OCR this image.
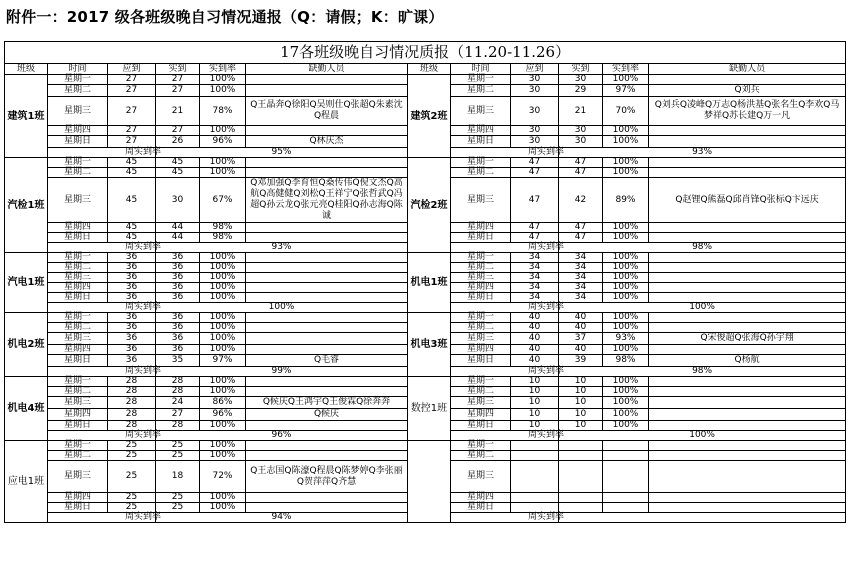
附件一：2017 级各班级晚自习情况通报（Q：请假；K：旷课）
17各班级晚自习情况质报（11.20-11.26）											
班级	时间	应到	实到	实到率	缺勤人员	班级	时间	应到	实到	实到率	缺勤人员
建筑1班	星期一	27	27	100%		建筑2班	星期一	30	30	100%	
	星期二	27	27	100%			星期二	30	29	97%	Q刘兵
	星期三	27	21	78%	Q王晶奔Q徐阳Q吴则仕Q张超Q朱素沈Q程晨		星期三	30	21	70%	Q刘兵Q凌峰Q万志Q杨洪基Q张名生Q李欢Q马梦祥Q苏长建Q万一凡
	星期四	27	27	100%			星期四	30	30	100%	
	星期日	27	26	96%	Q林庆杰		星期日	30	30	100%	
	周实到率		95%				周实到率		93%		
汽检1班	星期一	45	45	100%		汽检2班	星期一	47	47	100%	
	星期二	45	45	100%			星期二	47	47	100%	
	星期三	45	30	67%	Q邓加强Q李育恒Q桑传伟Q倪文杰Q高航Q高健健Q刘松Q王祥宁Q张哲武Q冯超Q孙云龙Q张元亮Q桂阳Q孙志海Q陈诚		星期三	47	42	89%	Q赵锂Q熊磊Q邱肖锋Q张标Q卞远庆
	星期四	45	44	98%			星期四	47	47	100%	
	星期日	45	44	98%			星期日	47	47	100%	
	周实到率		93%				周实到率		98%		
汽电1班	星期一	36	36	100%		机电1班	星期一	34	34	100%	
	星期二	36	36	100%			星期二	34	34	100%	
	星期三	36	36	100%			星期三	34	34	100%	
	星期四	36	36	100%			星期四	34	34	100%	
	星期日	36	36	100%			星期日	34	34	100%	
	周实到率		100%				周实到率		100%		
机电2班	星期一	36	36	100%		机电3班	星期一	40	40	100%	
	星期二	36	36	100%			星期二	40	40	100%	
	星期三	36	36	100%			星期三	40	37	93%	Q宋俊超Q张海Q孙宇翔
	星期四	36	36	100%			星期四	40	40	100%	
	星期日	36	35	97%	Q毛睿		星期日	40	39	98%	Q杨航
	周实到率		99%				周实到率		98%		
机电4班	星期一	28	28	100%		数控1班	星期一	10	10	100%	
	星期二	28	28	100%			星期二	10	10	100%	
	星期三	28	24	86%	Q候庆Q王鸿宇Q王俊霖Q徐奔奔		星期三	10	10	100%	
	星期四	28	27	96%	Q候庆		星期四	10	10	100%	
	星期日	28	28	100%			星期日	10	10	100%	
	周实到率		96%				周实到率		100%		
应电1班	星期一	25	25	100%			星期一				
	星期二	25	25	100%			星期二				
	星期三	25	18	72%	Q王志国Q陈濠Q程晨Q陈梦婷Q李张丽Q贺萍萍Q齐慧		星期三				
	星期四	25	25	100%			星期四				
	星期日	25	25	100%			星期日				
	周实到率		94%				周实到率				
